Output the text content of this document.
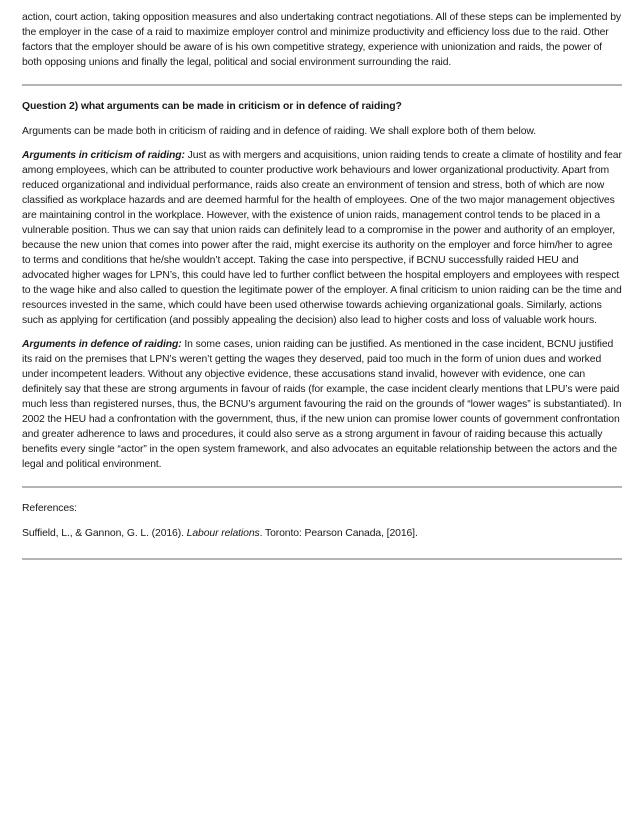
action, court action, taking opposition measures and also undertaking contract negotiations. All of these steps can be implemented by the employer in the case of a raid to maximize employer control and minimize productivity and efficiency loss due to the raid. Other factors that the employer should be aware of is his own competitive strategy, experience with unionization and raids, the power of both opposing unions and finally the legal, political and social environment surrounding the raid.

Question 2) what arguments can be made in criticism or in defence of raiding?

Arguments can be made both in criticism of raiding and in defence of raiding. We shall explore both of them below.

Arguments in criticism of raiding: Just as with mergers and acquisitions, union raiding tends to create a climate of hostility and fear among employees, which can be attributed to counter productive work behaviours and lower organizational productivity. Apart from reduced organizational and individual performance, raids also create an environment of tension and stress, both of which are now classified as workplace hazards and are deemed harmful for the health of employees. One of the two major management objectives are maintaining control in the workplace. However, with the existence of union raids, management control tends to be placed in a vulnerable position. Thus we can say that union raids can definitely lead to a compromise in the power and authority of an employer, because the new union that comes into power after the raid, might exercise its authority on the employer and force him/her to agree to terms and conditions that he/she wouldn’t accept. Taking the case into perspective, if BCNU successfully raided HEU and advocated higher wages for LPN’s, this could have led to further conflict between the hospital employers and employees with respect to the wage hike and also called to question the legitimate power of the employer. A final criticism to union raiding can be the time and resources invested in the same, which could have been used otherwise towards achieving organizational goals. Similarly, actions such as applying for certification (and possibly appealing the decision) also lead to higher costs and loss of valuable work hours.

Arguments in defence of raiding: In some cases, union raiding can be justified. As mentioned in the case incident, BCNU justified its raid on the premises that LPN’s weren’t getting the wages they deserved, paid too much in the form of union dues and worked under incompetent leaders. Without any objective evidence, these accusations stand invalid, however with evidence, one can definitely say that these are strong arguments in favour of raids (for example, the case incident clearly mentions that LPU’s were paid much less than registered nurses, thus, the BCNU’s argument favouring the raid on the grounds of “lower wages” is substantiated). In 2002 the HEU had a confrontation with the government, thus, if the new union can promise lower counts of government confrontation and greater adherence to laws and procedures, it could also serve as a strong argument in favour of raiding because this actually benefits every single “actor” in the open system framework, and also advocates an equitable relationship between the actors and the legal and political environment.

References:

Suffield, L., & Gannon, G. L. (2016). Labour relations. Toronto: Pearson Canada, [2016].
